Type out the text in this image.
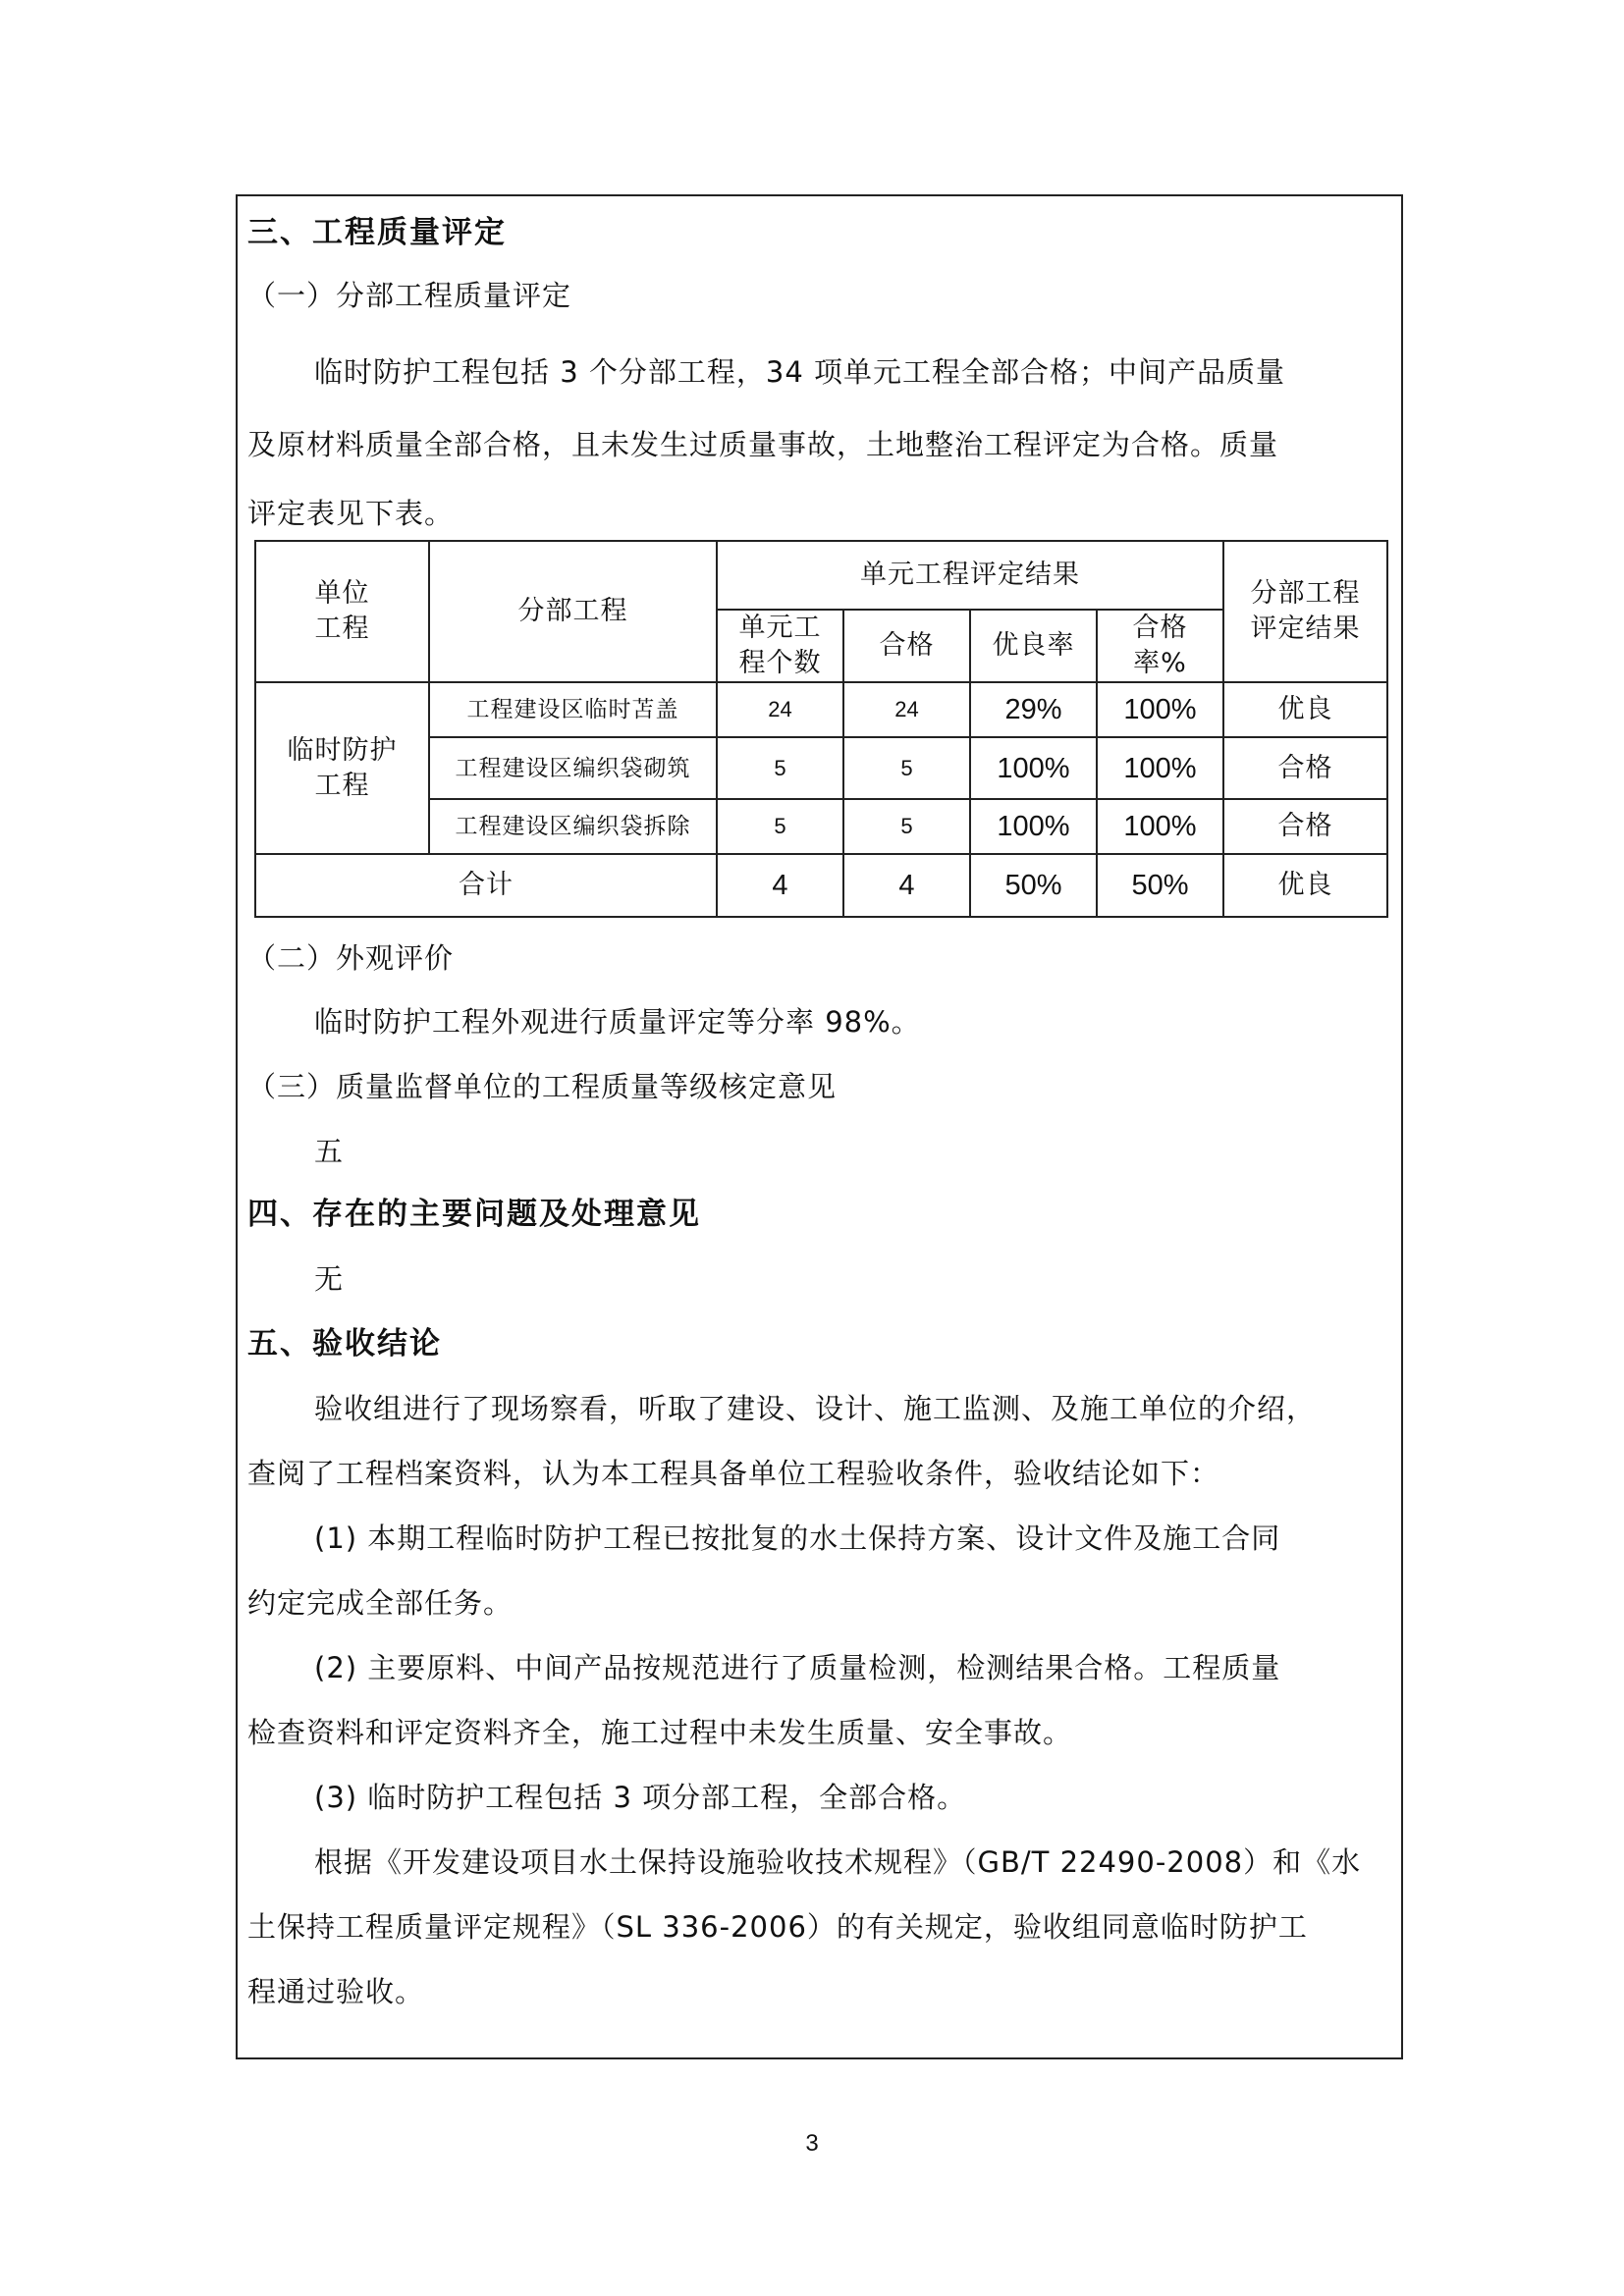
三、工程质量评定
（一）分部工程质量评定
临时防护工程包括 3 个分部工程，34 项单元工程全部合格；中间产品质量
及原材料质量全部合格，且未发生过质量事故，土地整治工程评定为合格。质量
评定表见下表。
单位工程	分部工程	单元工程评定结果				分部工程评定结果
		单元工程个数	合格	优良率	合格率%	
临时防护工程	工程建设区临时苫盖	24	24	29%	100%	优良
	工程建设区编织袋砌筑	5	5	100%	100%	合格
	工程建设区编织袋拆除	5	5	100%	100%	合格
合计		4	4	50%	50%	优良
（二）外观评价
临时防护工程外观进行质量评定等分率 98%。
（三）质量监督单位的工程质量等级核定意见
五
四、存在的主要问题及处理意见
无
五、验收结论
验收组进行了现场察看，听取了建设、设计、施工监测、及施工单位的介绍，
查阅了工程档案资料，认为本工程具备单位工程验收条件，验收结论如下：
(1) 本期工程临时防护工程已按批复的水土保持方案、设计文件及施工合同
约定完成全部任务。
(2) 主要原料、中间产品按规范进行了质量检测，检测结果合格。工程质量
检查资料和评定资料齐全，施工过程中未发生质量、安全事故。
(3) 临时防护工程包括 3 项分部工程，全部合格。
根据《开发建设项目水土保持设施验收技术规程》（GB/T 22490-2008）和《水
土保持工程质量评定规程》（SL 336-2006）的有关规定，验收组同意临时防护工
程通过验收。
3
